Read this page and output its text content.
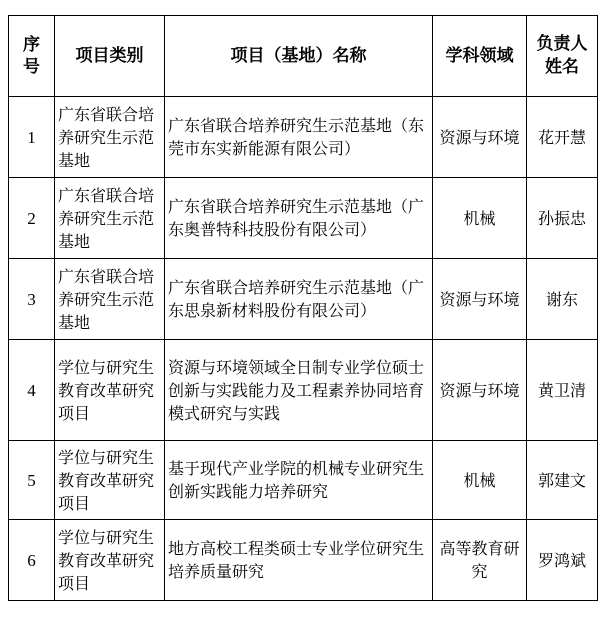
序号	项目类别	项目（基地）名称	学科领域	负责人姓名
1	广东省联合培养研究生示范基地	广东省联合培养研究生示范基地（东莞市东实新能源有限公司）	资源与环境	花开慧
2	广东省联合培养研究生示范基地	广东省联合培养研究生示范基地（广东奥普特科技股份有限公司）	机械	孙振忠
3	广东省联合培养研究生示范基地	广东省联合培养研究生示范基地（广东思泉新材料股份有限公司）	资源与环境	谢东
4	学位与研究生教育改革研究项目	资源与环境领域全日制专业学位硕士创新与实践能力及工程素养协同培育模式研究与实践	资源与环境	黄卫清
5	学位与研究生教育改革研究项目	基于现代产业学院的机械专业研究生创新实践能力培养研究	机械	郭建文
6	学位与研究生教育改革研究项目	地方高校工程类硕士专业学位研究生培养质量研究	高等教育研究	罗鸿斌
